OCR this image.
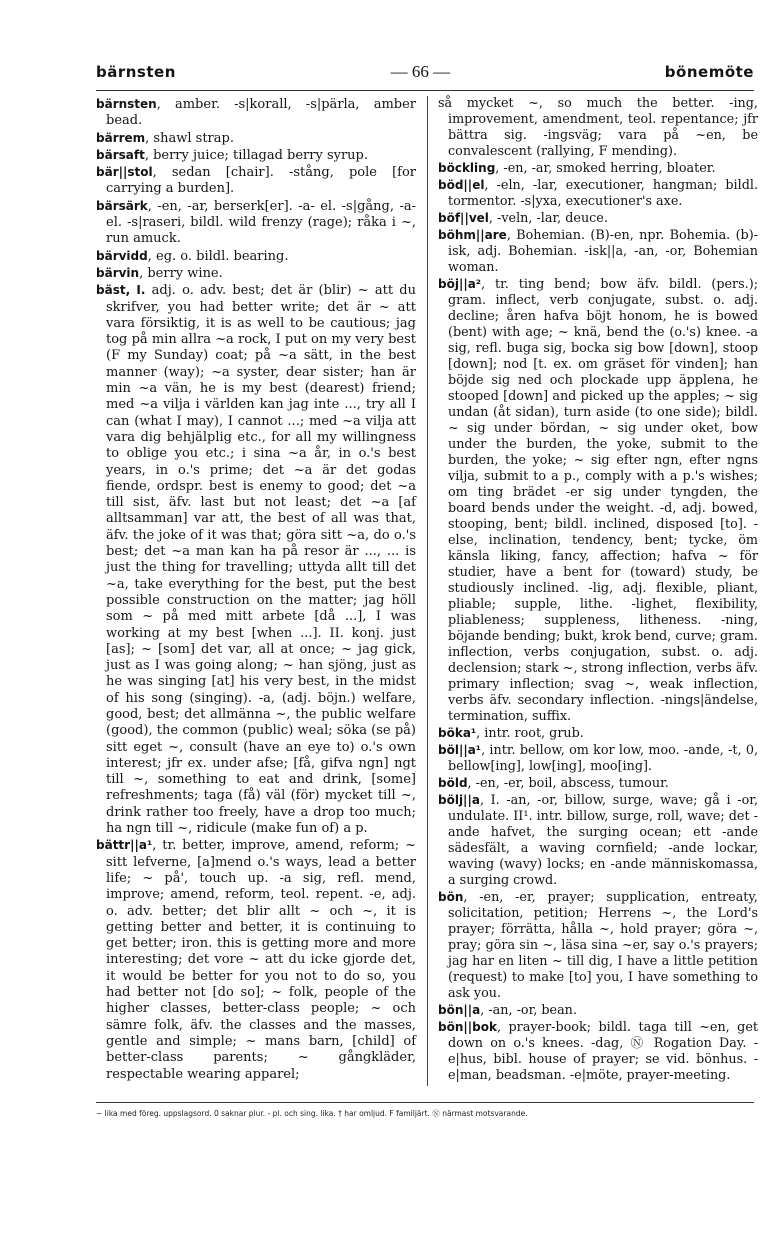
bärnsten	— 66 —	bönemöte

bärnsten, amber. -s|korall, -s|pärla, amber bead.

bärrem, shawl strap.

bärsaft, berry juice; tillagad berry syrup.

bär||stol, sedan [chair]. -stång, pole [for carrying a burden].

bärsärk, -en, -ar, berserk[er]. -a- el. -s|gång, -a- el. -s|raseri, bildl. wild frenzy (rage); råka i ~, run amuck.

bärvidd, eg. o. bildl. bearing.

bärvin, berry wine.

bäst, I. adj. o. adv. best; det är (blir) ~ att du skrifver, you had better write; det är ~ att vara försiktig, it is as well to be cautious; jag tog på min allra ~a rock, I put on my very best (F my Sunday) coat; på ~a sätt, in the best manner (way); ~a syster, dear sister; han är min ~a vän, he is my best (dearest) friend; med ~a vilja i världen kan jag inte ..., try all I can (what I may), I cannot ...; med ~a vilja att vara dig behjälplig etc., for all my willingness to oblige you etc.; i sina ~a år, in o.'s best years, in o.'s prime; det ~a är det godas fiende, ordspr. best is enemy to good; det ~a till sist, äfv. last but not least; det ~a [af alltsamman] var att, the best of all was that, äfv. the joke of it was that; göra sitt ~a, do o.'s best; det ~a man kan ha på resor är ..., ... is just the thing for travelling; uttyda allt till det ~a, take everything for the best, put the best possible construction on the matter; jag höll som ~ på med mitt arbete [då ...], I was working at my best [when ...]. II. konj. just [as]; ~ [som] det var, all at once; ~ jag gick, just as I was going along; ~ han sjöng, just as he was singing [at] his very best, in the midst of his song (singing). -a, (adj. böjn.) welfare, good, best; det allmänna ~, the public welfare (good), the common (public) weal; söka (se på) sitt eget ~, consult (have an eye to) o.'s own interest; jfr ex. under afse; [få, gifva ngn] ngt till ~, something to eat and drink, [some] refreshments; taga (få) väl (för) mycket till ~, drink rather too freely, have a drop too much; ha ngn till ~, ridicule (make fun of) a p.

bättr||a¹, tr. better, improve, amend, reform; ~ sitt lefverne, [a]mend o.'s ways, lead a better life; ~ på', touch up. -a sig, refl. mend, improve; amend, reform, teol. repent. -e, adj. o. adv. better; det blir allt ~ och ~, it is getting better and better, it is continuing to get better; iron. this is getting more and more interesting; det vore ~ att du icke gjorde det, it would be better for you not to do so, you had better not [do so]; ~ folk, people of the higher classes, better-class people; ~ och sämre folk, äfv. the classes and the masses, gentle and simple; ~ mans barn, [child] of better-class parents; ~ gångkläder, respectable wearing apparel;

så mycket ~, so much the better. -ing, improvement, amendment, teol. repentance; jfr bättra sig. -ingsväg; vara på ~en, be convalescent (rallying, F mending).

böckling, -en, -ar, smoked herring, bloater.

böd||el, -eln, -lar, executioner, hangman; bildl. tormentor. -s|yxa, executioner's axe.

böf||vel, -veln, -lar, deuce.

böhm||are, Bohemian. (B)-en, npr. Bohemia. (b)-isk, adj. Bohemian. -isk||a, -an, -or, Bohemian woman.

böj||a², tr. ting bend; bow äfv. bildl. (pers.); gram. inflect, verb conjugate, subst. o. adj. decline; åren hafva böjt honom, he is bowed (bent) with age; ~ knä, bend the (o.'s) knee. -a sig, refl. buga sig, bocka sig bow [down], stoop [down]; nod [t. ex. om gräset för vinden]; han böjde sig ned och plockade upp äpplena, he stooped [down] and picked up the apples; ~ sig undan (åt sidan), turn aside (to one side); bildl. ~ sig under bördan, ~ sig under oket, bow under the burden, the yoke, submit to the burden, the yoke; ~ sig efter ngn, efter ngns vilja, submit to a p., comply with a p.'s wishes; om ting brädet -er sig under tyngden, the board bends under the weight. -d, adj. bowed, stooping, bent; bildl. inclined, disposed [to]. -else, inclination, tendency, bent; tycke, öm känsla liking, fancy, affection; hafva ~ för studier, have a bent for (toward) study, be studiously inclined. -lig, adj. flexible, pliant, pliable; supple, lithe. -lighet, flexibility, pliableness; suppleness, litheness. -ning, böjande bending; bukt, krok bend, curve; gram. inflection, verbs conjugation, subst. o. adj. declension; stark ~, strong inflection, verbs äfv. primary inflection; svag ~, weak inflection, verbs äfv. secondary inflection. -nings|ändelse, termination, suffix.

böka¹, intr. root, grub.

böl||a¹, intr. bellow, om kor low, moo. -ande, -t, 0, bellow[ing], low[ing], moo[ing].

böld, -en, -er, boil, abscess, tumour.

bölj||a, I. -an, -or, billow, surge, wave; gå i -or, undulate. II¹. intr. billow, surge, roll, wave; det -ande hafvet, the surging ocean; ett -ande sädesfält, a waving cornfield; -ande lockar, waving (wavy) locks; en -ande människomassa, a surging crowd.

bön, -en, -er, prayer; supplication, entreaty, solicitation, petition; Herrens ~, the Lord's prayer; förrätta, hålla ~, hold prayer; göra ~, pray; göra sin ~, läsa sina ~er, say o.'s prayers; jag har en liten ~ till dig, I have a little petition (request) to make [to] you, I have something to ask you.

bön||a, -an, -or, bean.

bön||bok, prayer-book; bildl. taga till ~en, get down on o.'s knees. -dag, Ⓝ Rogation Day. -e|hus, bibl. house of prayer; se vid. bönhus. -e|man, beadsman. -e|möte, prayer-meeting.

~ lika med föreg. uppslagsord. 0 saknar plur. - pl. och sing. lika. † har omljud. F familjärt. Ⓝ närmast motsvarande.
